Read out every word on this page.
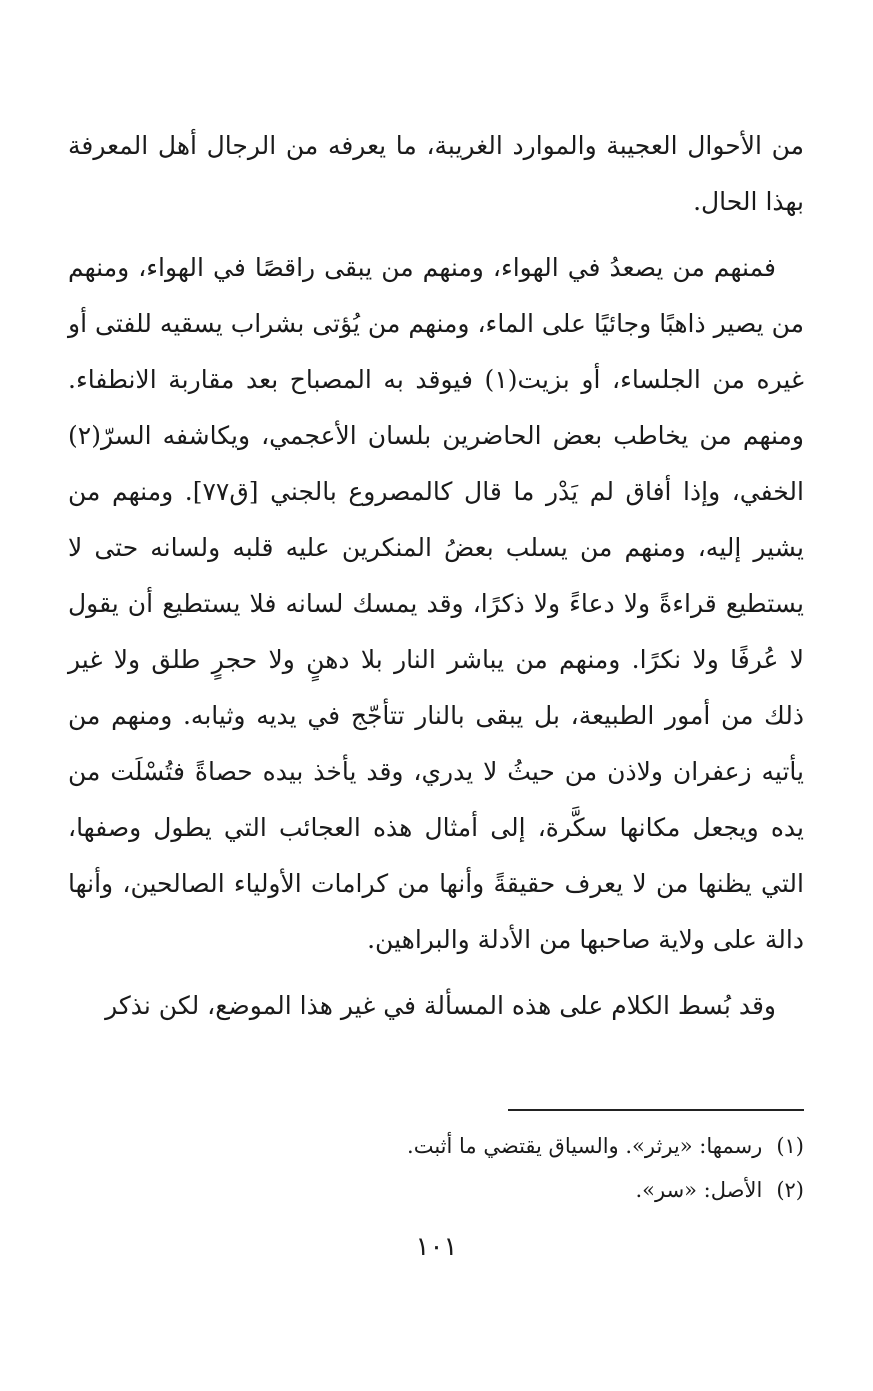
من الأحوال العجيبة والموارد الغريبة، ما يعرفه من الرجال أهل المعرفة بهذا الحال.

فمنهم من يصعدُ في الهواء، ومنهم من يبقى راقصًا في الهواء، ومنهم من يصير ذاهبًا وجائيًا على الماء، ومنهم من يُؤتى بشراب يسقيه للفتى أو غيره من الجلساء، أو بزيت(١) فيوقد به المصباح بعد مقاربة الانطفاء. ومنهم من يخاطب بعض الحاضرين بلسان الأعجمي، ويكاشفه السرّ(٢) الخفي، وإذا أفاق لم يَدْر ما قال كالمصروع بالجني [ق٧٧]. ومنهم من يشير إليه، ومنهم من يسلب بعضُ المنكرين عليه قلبه ولسانه حتى لا يستطيع قراءةً ولا دعاءً ولا ذكرًا، وقد يمسك لسانه فلا يستطيع أن يقول لا عُرفًا ولا نكرًا. ومنهم من يباشر النار بلا دهنٍ ولا حجرٍ طلق ولا غير ذلك من أمور الطبيعة، بل يبقى بالنار تتأجّج في يديه وثيابه. ومنهم من يأتيه زعفران ولاذن من حيثُ لا يدري، وقد يأخذ بيده حصاةً فتُسْلَت من يده ويجعل مكانها سكَّرة، إلى أمثال هذه العجائب التي يطول وصفها، التي يظنها من لا يعرف حقيقةً وأنها من كرامات الأولياء الصالحين، وأنها دالة على ولاية صاحبها من الأدلة والبراهين.

وقد بُسط الكلام على هذه المسألة في غير هذا الموضع، لكن نذكر

(١)رسمها: «يرثر». والسياق يقتضي ما أثبت.

(٢)الأصل: «سر».

١٠١
